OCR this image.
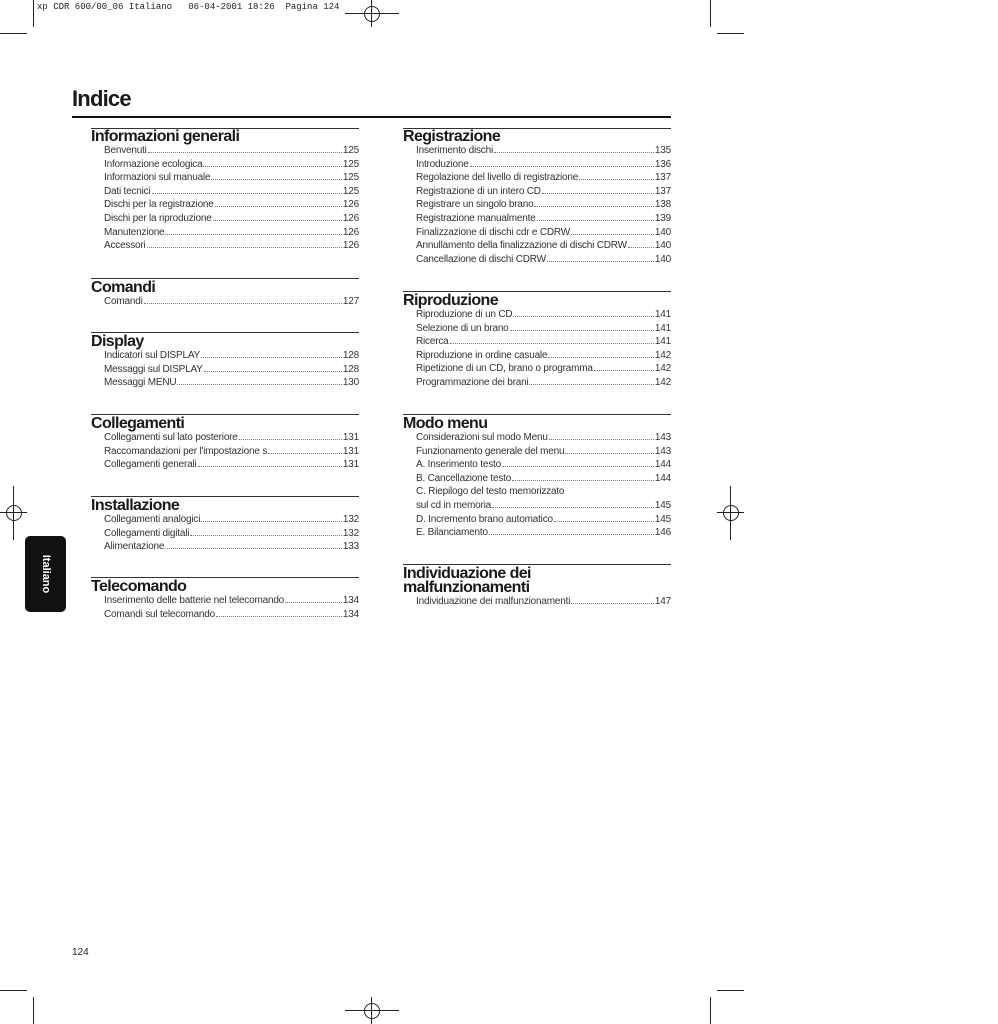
xp CDR 600/00_06 Italiano   06-04-2001 18:26  Pagina 124
Indice
Informazioni generali
Benvenuti	125
Informazione ecologica	125
Informazioni sul manuale	125
Dati tecnici	125
Dischi per la registrazione	126
Dischi per la riproduzione	126
Manutenzione	126
Accessori	126
Comandi
Comandi	127
Display
Indicatori sul DISPLAY	128
Messaggi sul DISPLAY	128
Messaggi MENU	130
Collegamenti
Collegamenti sul lato posteriore	131
Raccomandazioni per l'impostazione s	131
Collegamenti generali	131
Installazione
Collegamenti analogici	132
Collegamenti digitali	132
Alimentazione	133
Telecomando
Inserimento delle batterie nel telecomando	134
Comandi sul telecomando	134
Registrazione
Inserimento dischi	135
Introduzione	136
Regolazione del livello di registrazione	137
Registrazione di un intero CD	137
Registrare un singolo brano	138
Registrazione manualmente	139
Finalizzazione di dischi cdr e CDRW	140
Annullamento della finalizzazione di dischi CDRW	140
Cancellazione di dischi CDRW	140
Riproduzione
Riproduzione di un CD	141
Selezione di un brano	141
Ricerca	141
Riproduzione in ordine casuale	142
Ripetizione di un CD, brano o programma	142
Programmazione dei brani	142
Modo menu
Considerazioni sul modo Menu	143
Funzionamento generale del menu	143
A. Inserimento testo	144
B. Cancellazione testo	144
C. Riepilogo del testo memorizzato
sul cd in memoria	145
D. Incremento brano automatico	145
E. Bilanciamento	146
Individuazione dei
malfunzionamenti
Individuazione dei malfunzionamenti	147
Italiano
124
